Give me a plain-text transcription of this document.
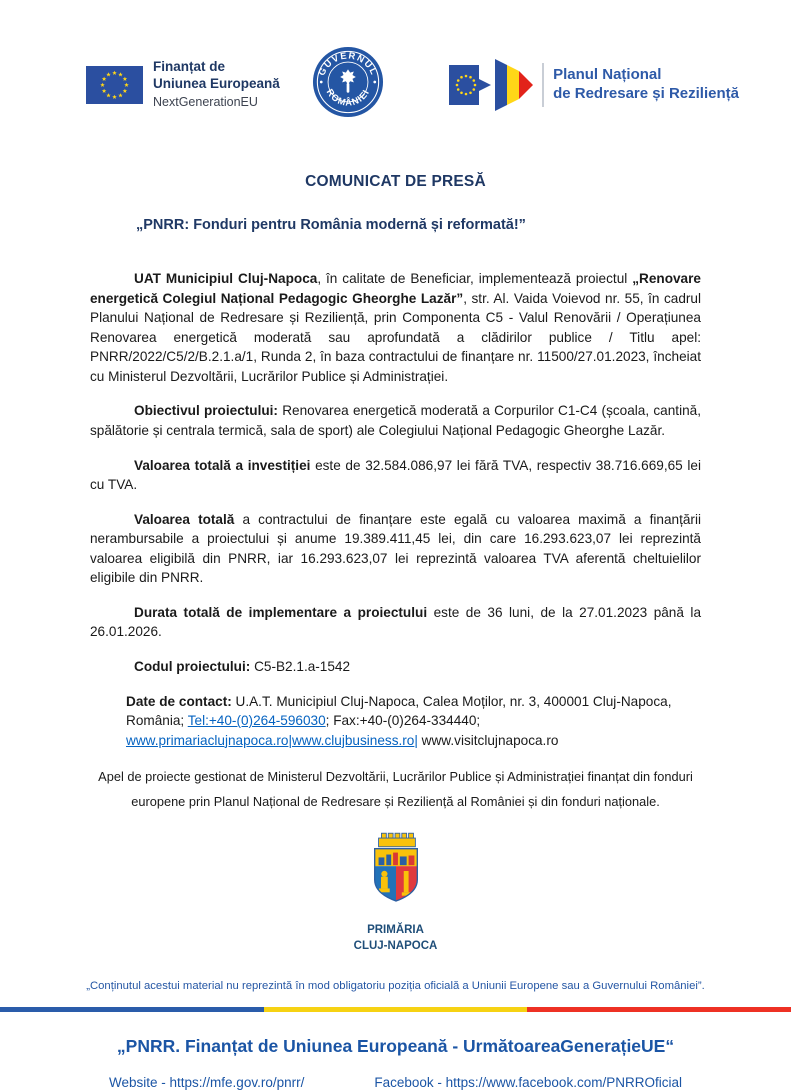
Finanțat de
Uniunea Europeană
NextGenerationEU
GUVERNUL
ROMÂNIEI
Planul Național
de Redresare și Reziliență
COMUNICAT DE PRESĂ
„PNRR: Fonduri pentru România modernă și reformată!”

UAT Municipiul Cluj-Napoca, în calitate de Beneficiar, implementează proiectul „Renovare energetică Colegiul Național Pedagogic Gheorghe Lazăr”, str. Al. Vaida Voievod nr. 55, în cadrul Planului Național de Redresare și Reziliență, prin Componenta C5 - Valul Renovării / Operațiunea Renovarea energetică moderată sau aprofundată a clădirilor publice / Titlu apel: PNRR/2022/C5/2/B.2.1.a/1, Runda 2, în baza contractului de finanțare nr. 11500/27.01.2023, încheiat cu Ministerul Dezvoltării, Lucrărilor Publice și Administrației.

Obiectivul proiectului: Renovarea energetică moderată a Corpurilor C1-C4 (școala, cantină, spălătorie și centrala termică, sala de sport) ale Colegiului Național Pedagogic Gheorghe Lazăr.

Valoarea totală a investiției este de 32.584.086,97 lei fără TVA, respectiv 38.716.669,65 lei cu TVA.

Valoarea totală a contractului de finanțare este egală cu valoarea maximă a finanțării nerambursabile a proiectului și anume 19.389.411,45 lei, din care 16.293.623,07 lei reprezintă valoarea eligibilă din PNRR, iar 16.293.623,07 lei reprezintă valoarea TVA aferentă cheltuielilor eligibile din PNRR.

Durata totală de implementare a proiectului este de 36 luni, de la 27.01.2023 până la 26.01.2026.

Codul proiectului: C5-B2.1.a-1542

Date de contact: U.A.T. Municipiul Cluj-Napoca, Calea Moților, nr. 3, 400001 Cluj-Napoca, România; Tel:+40-(0)264-596030; Fax:+40-(0)264-334440; www.primariaclujnapoca.ro|www.clujbusiness.ro| www.visitclujnapoca.ro

Apel de proiecte gestionat de Ministerul Dezvoltării, Lucrărilor Publice și Administrației finanțat din fonduri europene prin Planul Național de Redresare și Reziliență al României și din fonduri naționale.

PRIMĂRIA
CLUJ-NAPOCA
„Conținutul acestui material nu reprezintă în mod obligatoriu poziția oficială a Uniunii Europene sau a Guvernului României”.
„PNRR. Finanțat de Uniunea Europeană - UrmătoareaGenerațieUE“
Website - https://mfe.gov.ro/pnrr/	Facebook - https://www.facebook.com/PNRROficial
